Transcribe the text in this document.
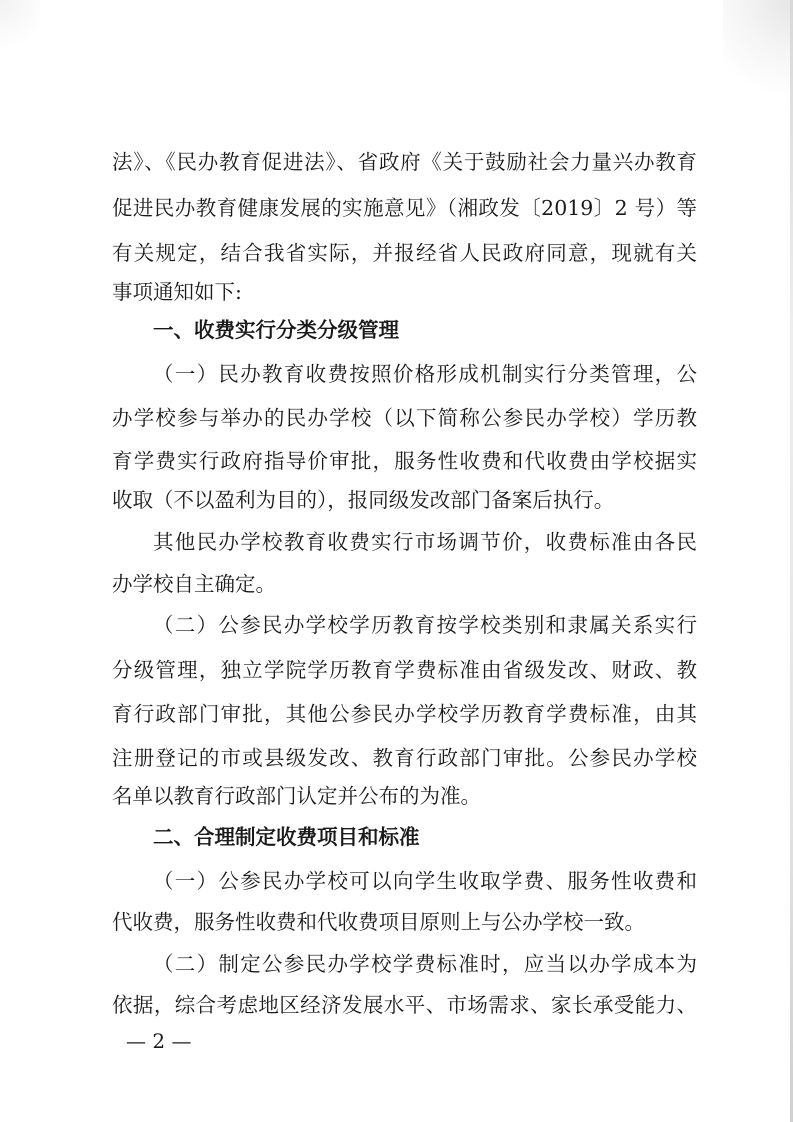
法》、《民办教育促进法》、省政府《关于鼓励社会力量兴办教育
促进民办教育健康发展的实施意见》（湘政发〔2019〕2 号）等
有关规定，结合我省实际，并报经省人民政府同意，现就有关
事项通知如下:
一、收费实行分类分级管理
（一）民办教育收费按照价格形成机制实行分类管理，公
办学校参与举办的民办学校（以下简称公参民办学校）学历教
育学费实行政府指导价审批，服务性收费和代收费由学校据实
收取（不以盈利为目的），报同级发改部门备案后执行。
其他民办学校教育收费实行市场调节价，收费标准由各民
办学校自主确定。
（二）公参民办学校学历教育按学校类别和隶属关系实行
分级管理，独立学院学历教育学费标准由省级发改、财政、教
育行政部门审批，其他公参民办学校学历教育学费标准，由其
注册登记的市或县级发改、教育行政部门审批。公参民办学校
名单以教育行政部门认定并公布的为准。
二、合理制定收费项目和标准
（一）公参民办学校可以向学生收取学费、服务性收费和
代收费，服务性收费和代收费项目原则上与公办学校一致。
（二）制定公参民办学校学费标准时，应当以办学成本为
依据，综合考虑地区经济发展水平、市场需求、家长承受能力、
— 2 —
